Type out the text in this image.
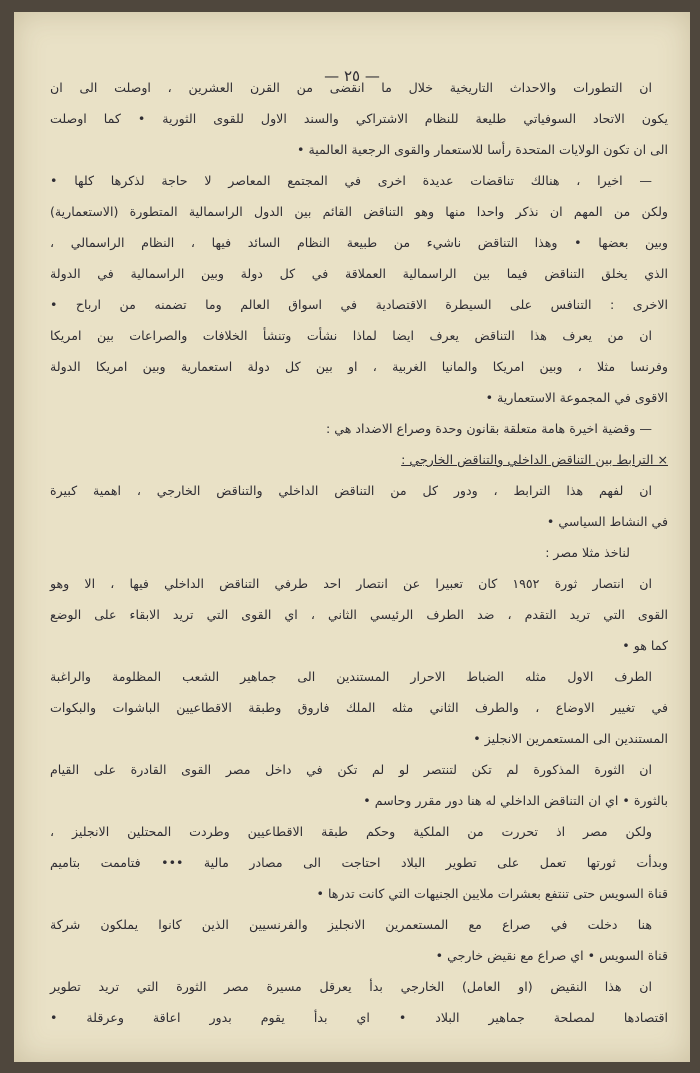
— ٢٥ —
ان التطورات والاحداث التاريخية خلال ما انقضى من القرن العشرين ، اوصلت الى ان
يكون الاتحاد السوفياتي طليعة للنظام الاشتراكي والسند الاول للقوى الثورية • كما اوصلت
الى ان تكون الولايات المتحدة رأسا للاستعمار والقوى الرجعية العالمية •
— اخيرا ، هنالك تناقضات عديدة اخرى في المجتمع المعاصر لا حاجة لذكرها كلها •
ولكن من المهم ان نذكر واحدا منها وهو التناقض القائم بين الدول الراسمالية المتطورة (الاستعمارية)
وبين بعضها • وهذا التناقض ناشيء من طبيعة النظام السائد فيها ، النظام الراسمالي ،
الذي يخلق التناقض فيما بين الراسمالية العملاقة في كل دولة وبين الراسمالية في الدولة
الاخرى : التنافس على السيطرة الاقتصادية في اسواق العالم وما تضمنه من ارباح •
ان من يعرف هذا التناقض يعرف ايضا لماذا نشأت وتنشأ الخلافات والصراعات بين امريكا
وفرنسا مثلا ، وبين امريكا والمانيا الغربية ، او بين كل دولة استعمارية وبين امريكا الدولة
الاقوى في المجموعة الاستعمارية •
— وقضية اخيرة هامة متعلقة بقانون وحدة وصراع الاضداد هي :
× الترابط بين التناقض الداخلي والتناقض الخارجي :
ان لفهم هذا الترابط ، ودور كل من التناقض الداخلي والتناقض الخارجي ، اهمية كبيرة
في النشاط السياسي •
لناخذ مثلا مصر :
ان انتصار ثورة ١٩٥٢ كان تعبيرا عن انتصار احد طرفي التناقض الداخلي فيها ، الا وهو
القوى التي تريد التقدم ، ضد الطرف الرئيسي الثاني ، اي القوى التي تريد الابقاء على الوضع
كما هو •
الطرف الاول مثله الضباط الاحرار المستندين الى جماهير الشعب المظلومة والراغبة
في تغيير الاوضاع ، والطرف الثاني مثله الملك فاروق وطبقة الاقطاعيين الباشوات والبكوات
المستندين الى المستعمرين الانجليز •
ان الثورة المذكورة لم تكن لتنتصر لو لم تكن في داخل مصر القوى القادرة على القيام
بالثورة • اي ان التناقض الداخلي له هنا دور مقرر وحاسم •
ولكن مصر اذ تحررت من الملكية وحكم طبقة الاقطاعيين وطردت المحتلين الانجليز ،
وبدأت ثورتها تعمل على تطوير البلاد احتاجت الى مصادر مالية ••• فتاممت بتاميم
قناة السويس حتى تنتفع بعشرات ملايين الجنيهات التي كانت تدرها •
هنا دخلت في صراع مع المستعمرين الانجليز والفرنسيين الذين كانوا يملكون شركة
قناة السويس • اي صراع مع نقيض خارجي •
ان هذا النقيض (او العامل) الخارجي بدأ يعرقل مسيرة مصر الثورة التي تريد تطوير
اقتصادها لمصلحة جماهير البلاد • اي بدأ يقوم بدور اعاقة وعرقلة •
